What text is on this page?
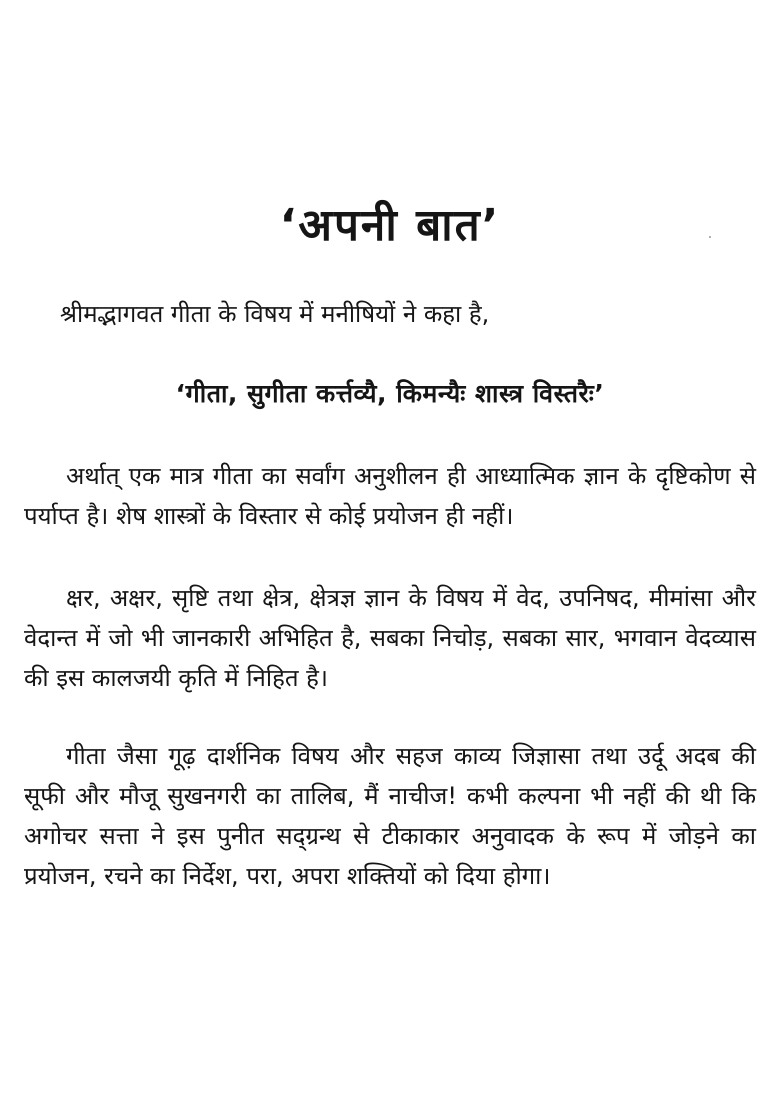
‘अपनी बात’
श्रीमद्भागवत गीता के विषय में मनीषियों ने कहा है,
‘गीता, सुगीता कर्त्तव्यै, किमन्यैः शास्त्र विस्तरैः’
अर्थात् एक मात्र गीता का सर्वांग अनुशीलन ही आध्यात्मिक ज्ञान के दृष्टिकोण से पर्याप्त है। शेष शास्त्रों के विस्तार से कोई प्रयोजन ही नहीं।
क्षर, अक्षर, सृष्टि तथा क्षेत्र, क्षेत्रज्ञ ज्ञान के विषय में वेद, उपनिषद, मीमांसा और वेदान्त में जो भी जानकारी अभिहित है, सबका निचोड़, सबका सार, भगवान वेदव्यास की इस कालजयी कृति में निहित है।
गीता जैसा गूढ़ दार्शनिक विषय और सहज काव्य जिज्ञासा तथा उर्दू अदब की सूफी और मौजू सुखनगरी का तालिब, मैं नाचीज! कभी कल्पना भी नहीं की थी कि अगोचर सत्ता ने इस पुनीत सद्ग्रन्थ से टीकाकार अनुवादक के रूप में जोड़ने का प्रयोजन, रचने का निर्देश, परा, अपरा शक्तियों को दिया होगा।
